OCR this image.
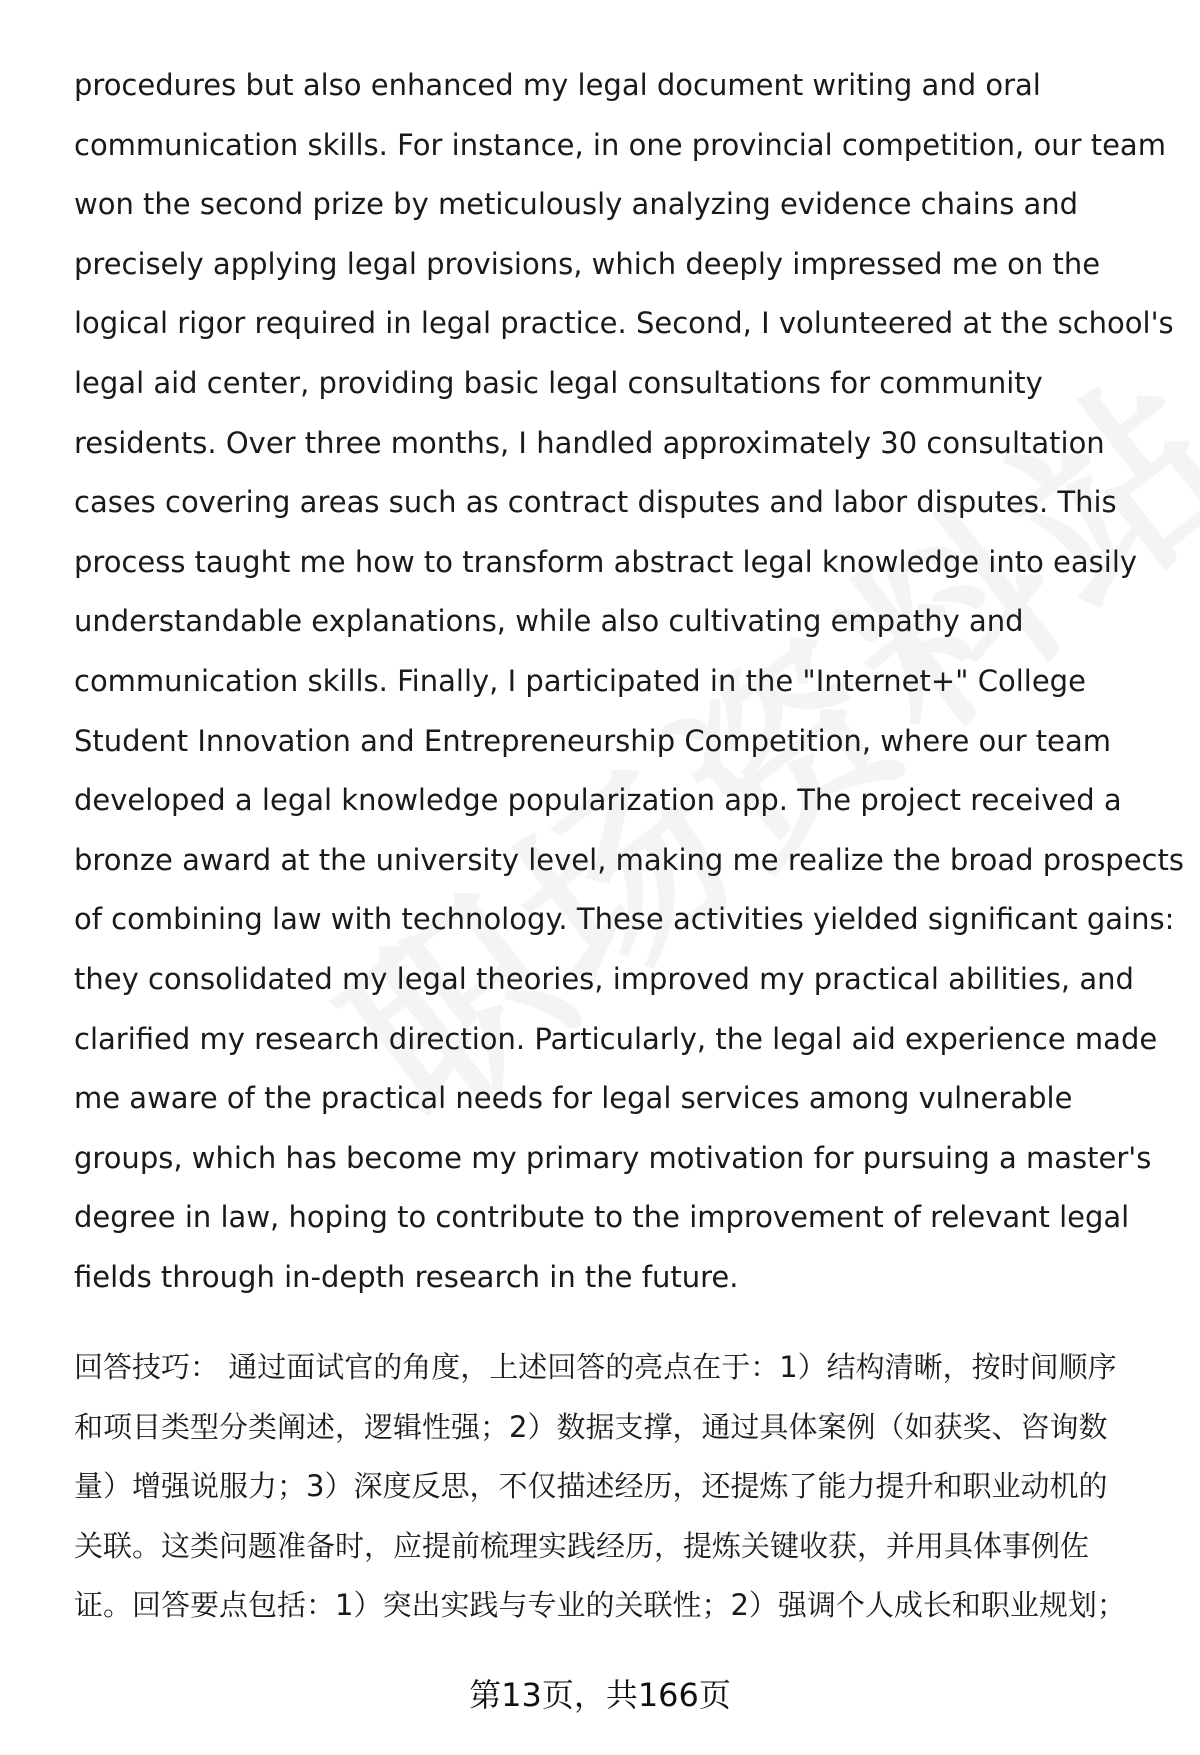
procedures but also enhanced my legal document writing and oral
communication skills. For instance, in one provincial competition, our team
won the second prize by meticulously analyzing evidence chains and
precisely applying legal provisions, which deeply impressed me on the
logical rigor required in legal practice. Second, I volunteered at the school's
legal aid center, providing basic legal consultations for community
residents. Over three months, I handled approximately 30 consultation
cases covering areas such as contract disputes and labor disputes. This
process taught me how to transform abstract legal knowledge into easily
understandable explanations, while also cultivating empathy and
communication skills. Finally, I participated in the "Internet+" College
Student Innovation and Entrepreneurship Competition, where our team
developed a legal knowledge popularization app. The project received a
bronze award at the university level, making me realize the broad prospects
of combining law with technology. These activities yielded significant gains:
they consolidated my legal theories, improved my practical abilities, and
clarified my research direction. Particularly, the legal aid experience made
me aware of the practical needs for legal services among vulnerable
groups, which has become my primary motivation for pursuing a master's
degree in law, hoping to contribute to the improvement of relevant legal
fields through in-depth research in the future.
回答技巧： 通过面试官的角度，上述回答的亮点在于：1）结构清晰，按时间顺序
和项目类型分类阐述，逻辑性强；2）数据支撑，通过具体案例（如获奖、咨询数
量）增强说服力；3）深度反思，不仅描述经历，还提炼了能力提升和职业动机的
关联。这类问题准备时，应提前梳理实践经历，提炼关键收获，并用具体事例佐
证。回答要点包括：1）突出实践与专业的关联性；2）强调个人成长和职业规划；
第13页，共166页
